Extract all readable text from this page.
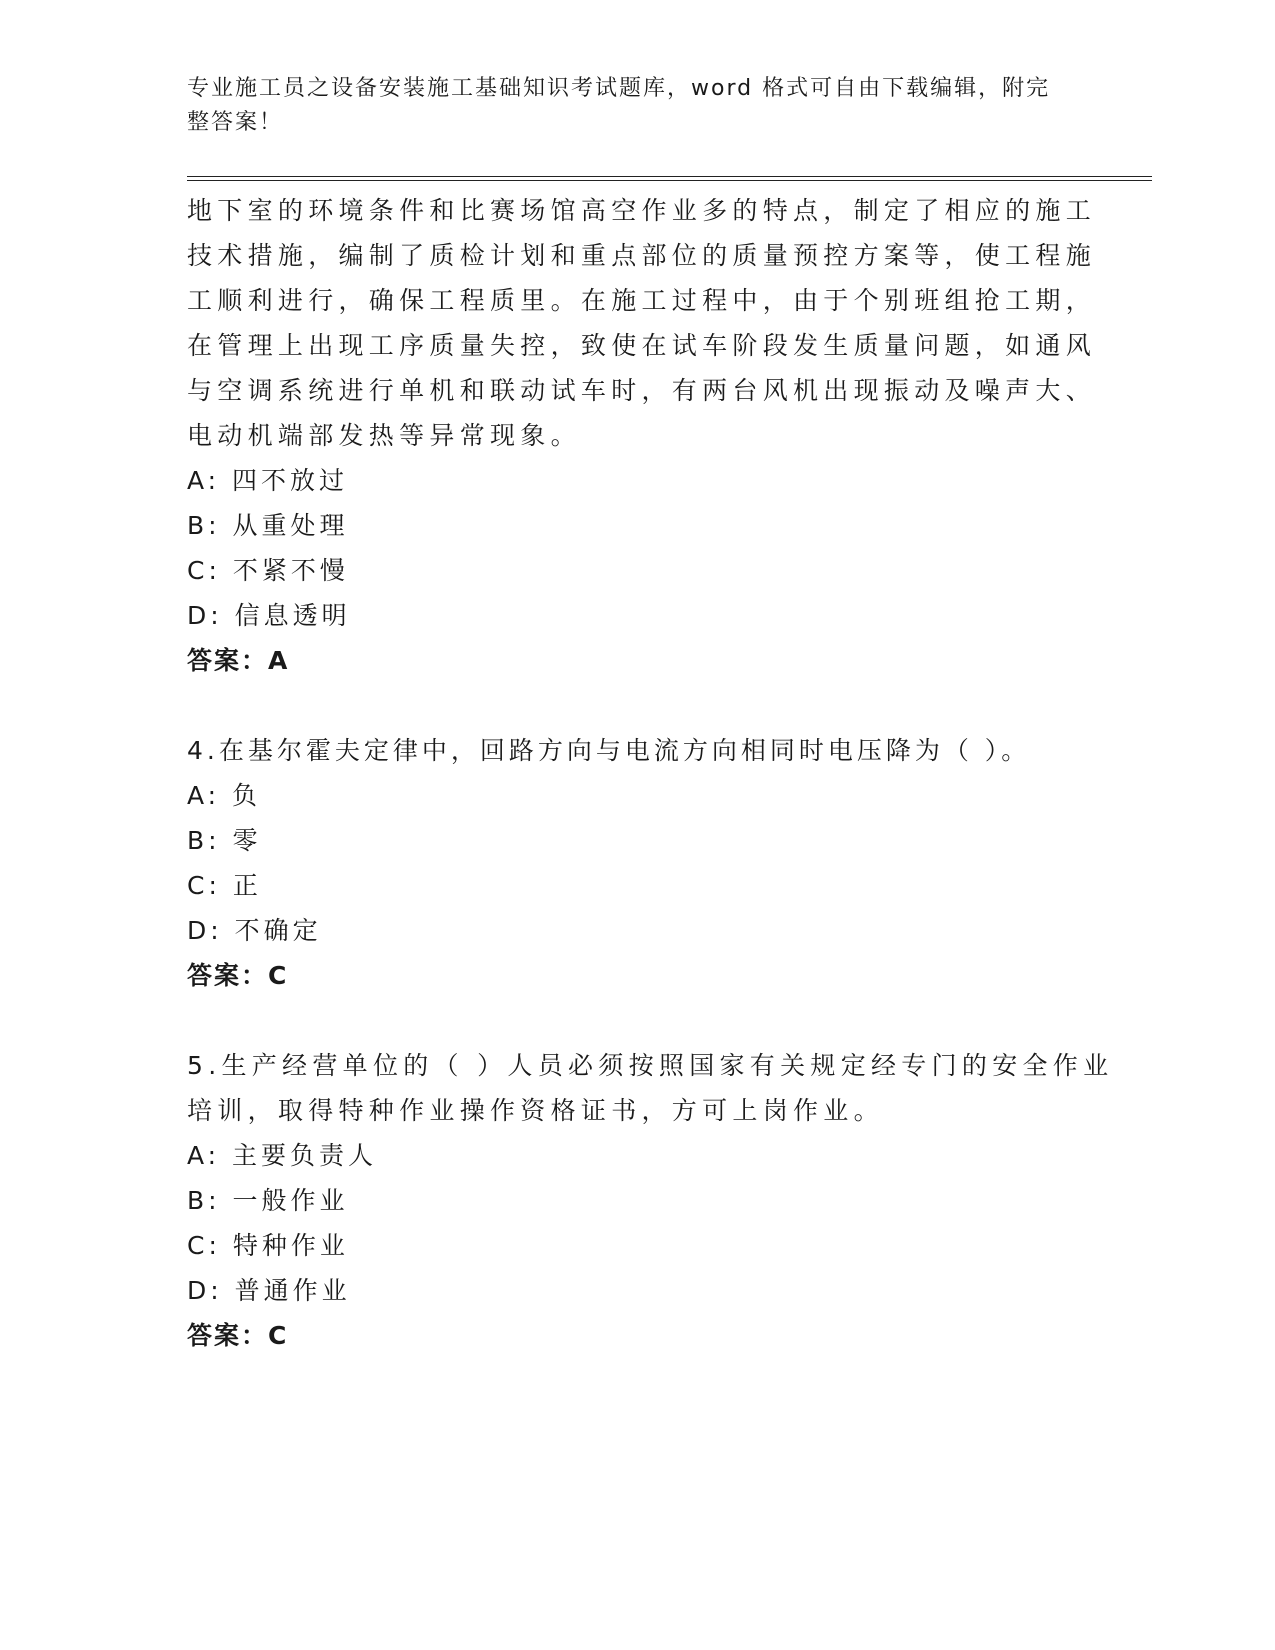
专业施工员之设备安装施工基础知识考试题库，word 格式可自由下载编辑，附完
整答案！
地下室的环境条件和比赛场馆高空作业多的特点，制定了相应的施工
技术措施，编制了质检计划和重点部位的质量预控方案等，使工程施
工顺利进行，确保工程质里。在施工过程中，由于个别班组抢工期，
在管理上出现工序质量失控，致使在试车阶段发生质量问题，如通风
与空调系统进行单机和联动试车时，有两台风机出现振动及噪声大、
电动机端部发热等异常现象。
A: 四不放过
B: 从重处理
C: 不紧不慢
D: 信息透明
答案：A
4.在基尔霍夫定律中，回路方向与电流方向相同时电压降为（ ）。
A: 负
B: 零
C: 正
D: 不确定
答案：C
5.生产经营单位的（ ）人员必须按照国家有关规定经专门的安全作业
培训，取得特种作业操作资格证书，方可上岗作业。
A: 主要负责人
B: 一般作业
C: 特种作业
D: 普通作业
答案：C
